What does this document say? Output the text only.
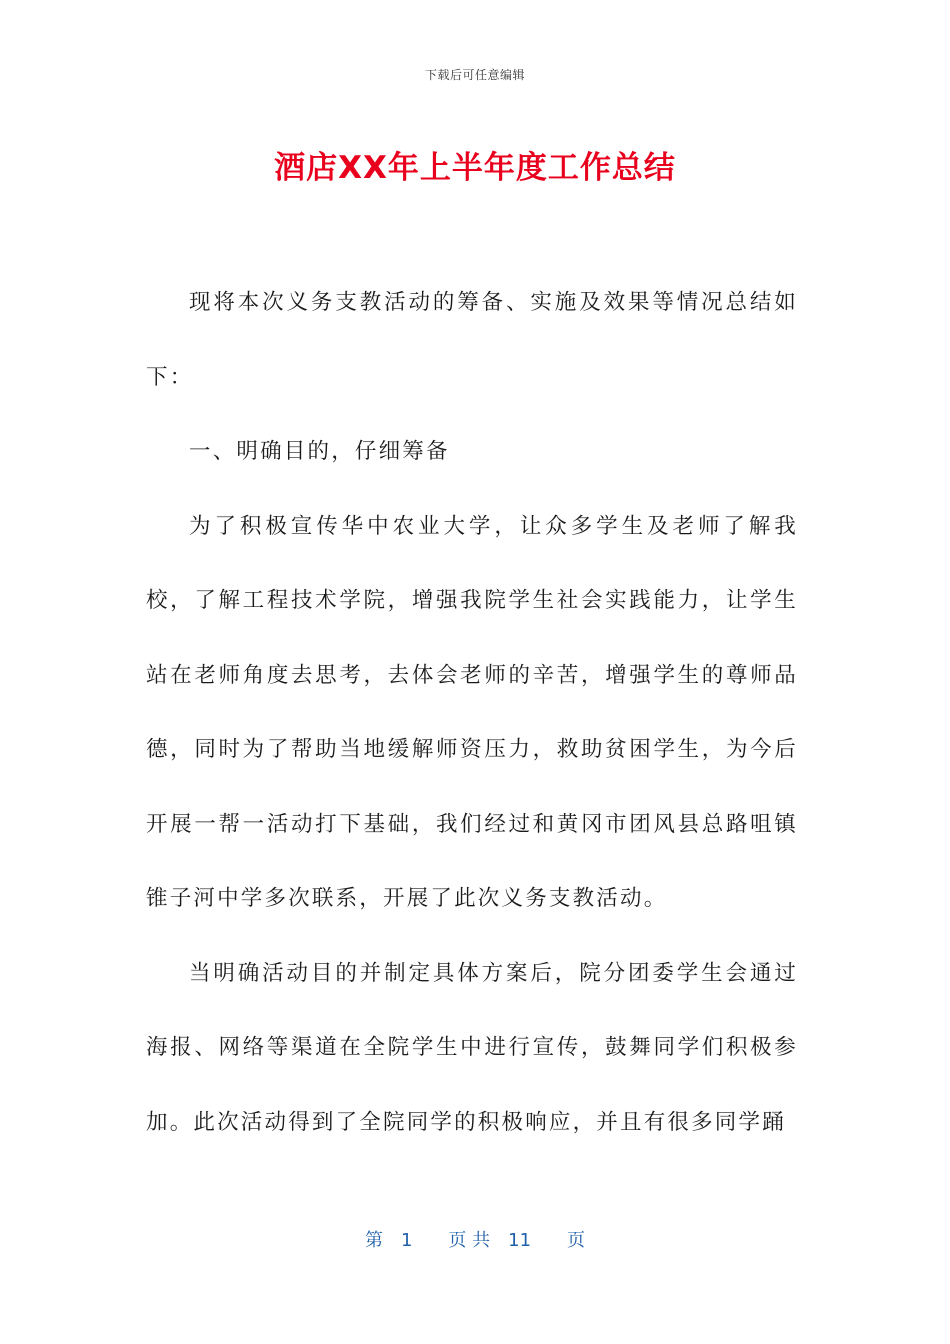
下载后可任意编辑
酒店XX年上半年度工作总结

现将本次义务支教活动的筹备、实施及效果等情况总结如下：

一、明确目的，仔细筹备

为了积极宣传华中农业大学，让众多学生及老师了解我校，了解工程技术学院，增强我院学生社会实践能力，让学生站在老师角度去思考，去体会老师的辛苦，增强学生的尊师品德，同时为了帮助当地缓解师资压力，救助贫困学生，为今后开展一帮一活动打下基础，我们经过和黄冈市团风县总路咀镇锥子河中学多次联系，开展了此次义务支教活动。

当明确活动目的并制定具体方案后，院分团委学生会通过海报、网络等渠道在全院学生中进行宣传，鼓舞同学们积极参加。此次活动得到了全院同学的积极响应，并且有很多同学踊

第　1　　页 共　11　　页
